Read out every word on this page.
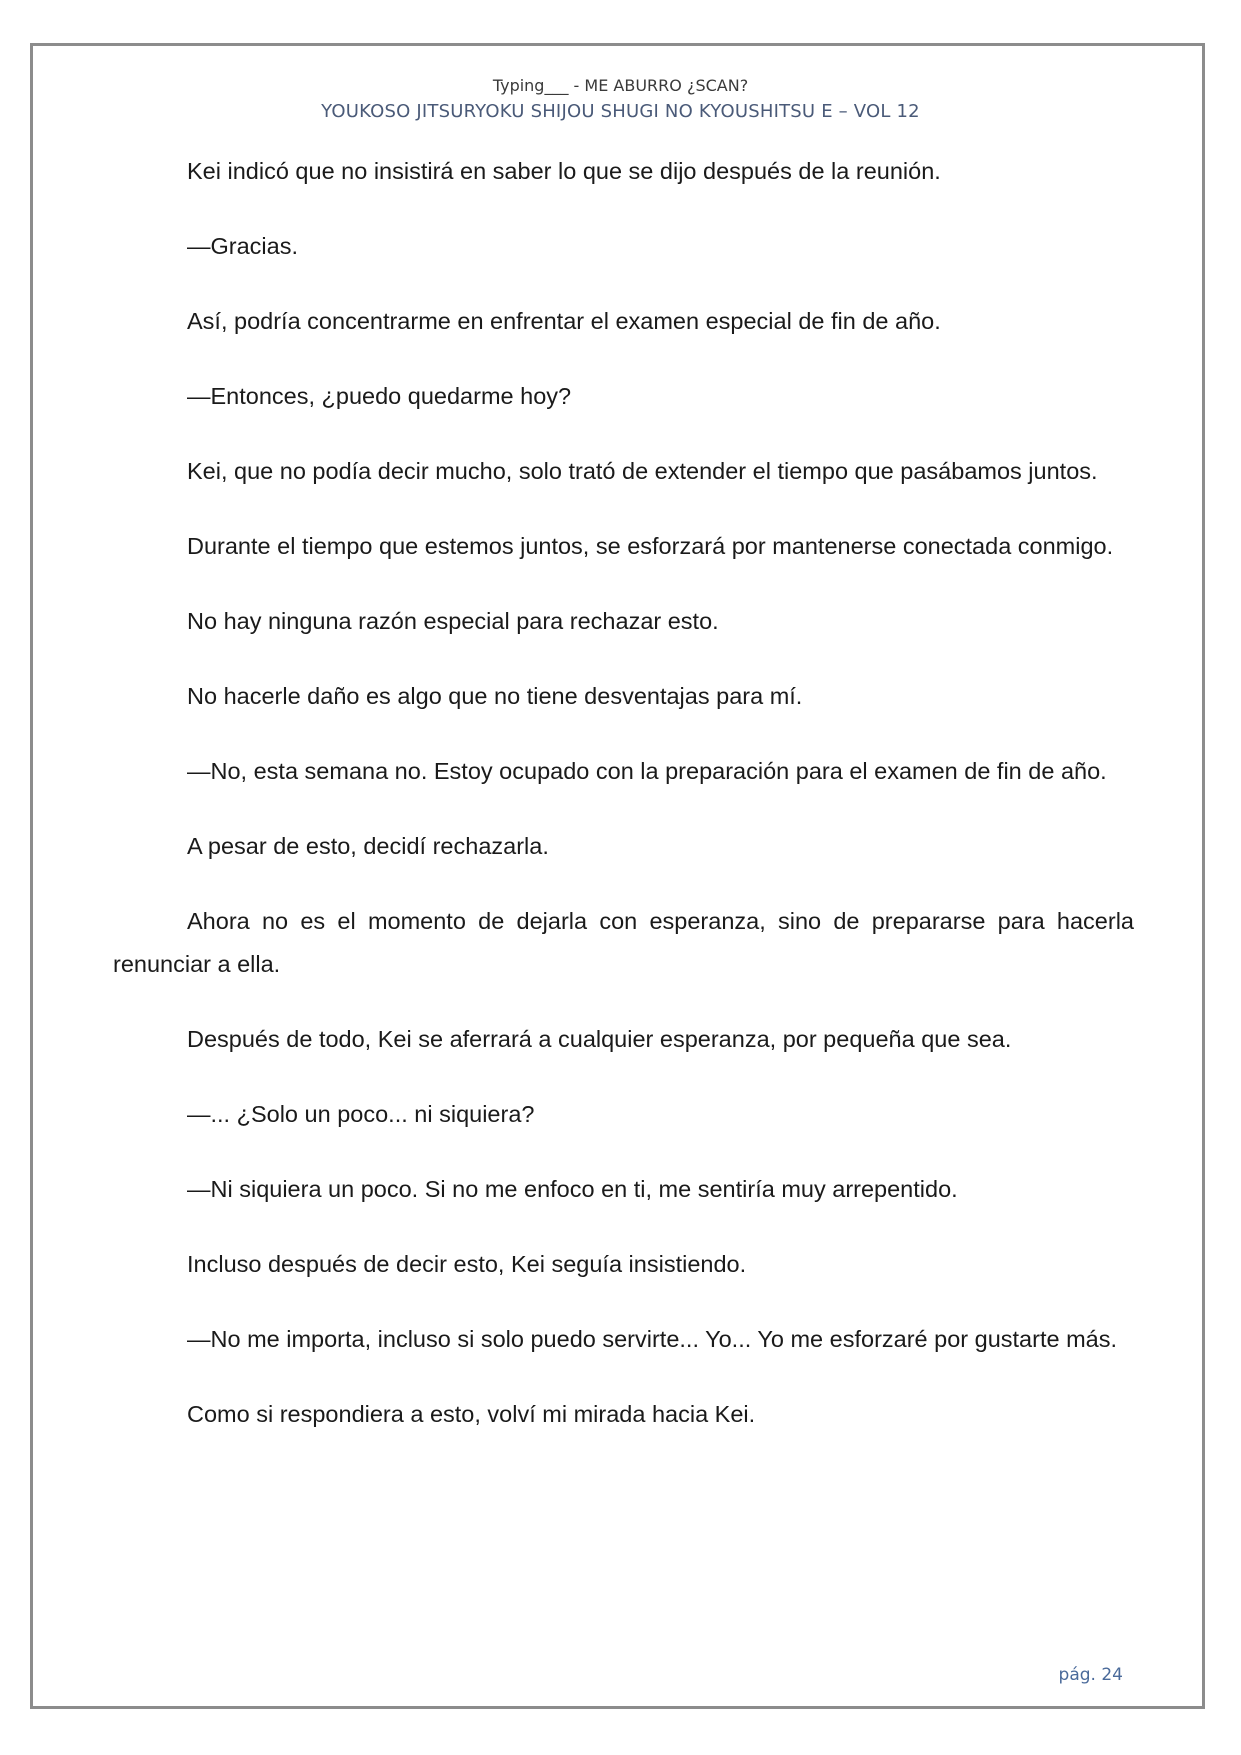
Typing___ - ME ABURRO ¿SCAN?
YOUKOSO JITSURYOKU SHIJOU SHUGI NO KYOUSHITSU E – VOL 12

Kei indicó que no insistirá en saber lo que se dijo después de la reunión.

—Gracias.

Así, podría concentrarme en enfrentar el examen especial de fin de año.

—Entonces, ¿puedo quedarme hoy?

Kei, que no podía decir mucho, solo trató de extender el tiempo que pasábamos juntos.

Durante el tiempo que estemos juntos, se esforzará por mantenerse conectada conmigo.

No hay ninguna razón especial para rechazar esto.

No hacerle daño es algo que no tiene desventajas para mí.

—No, esta semana no. Estoy ocupado con la preparación para el examen de fin de año.

A pesar de esto, decidí rechazarla.

Ahora no es el momento de dejarla con esperanza, sino de prepararse para hacerla renunciar a ella.

Después de todo, Kei se aferrará a cualquier esperanza, por pequeña que sea.

—... ¿Solo un poco... ni siquiera?

—Ni siquiera un poco. Si no me enfoco en ti, me sentiría muy arrepentido.

Incluso después de decir esto, Kei seguía insistiendo.

—No me importa, incluso si solo puedo servirte... Yo... Yo me esforzaré por gustarte más.

Como si respondiera a esto, volví mi mirada hacia Kei.

pág. 24
